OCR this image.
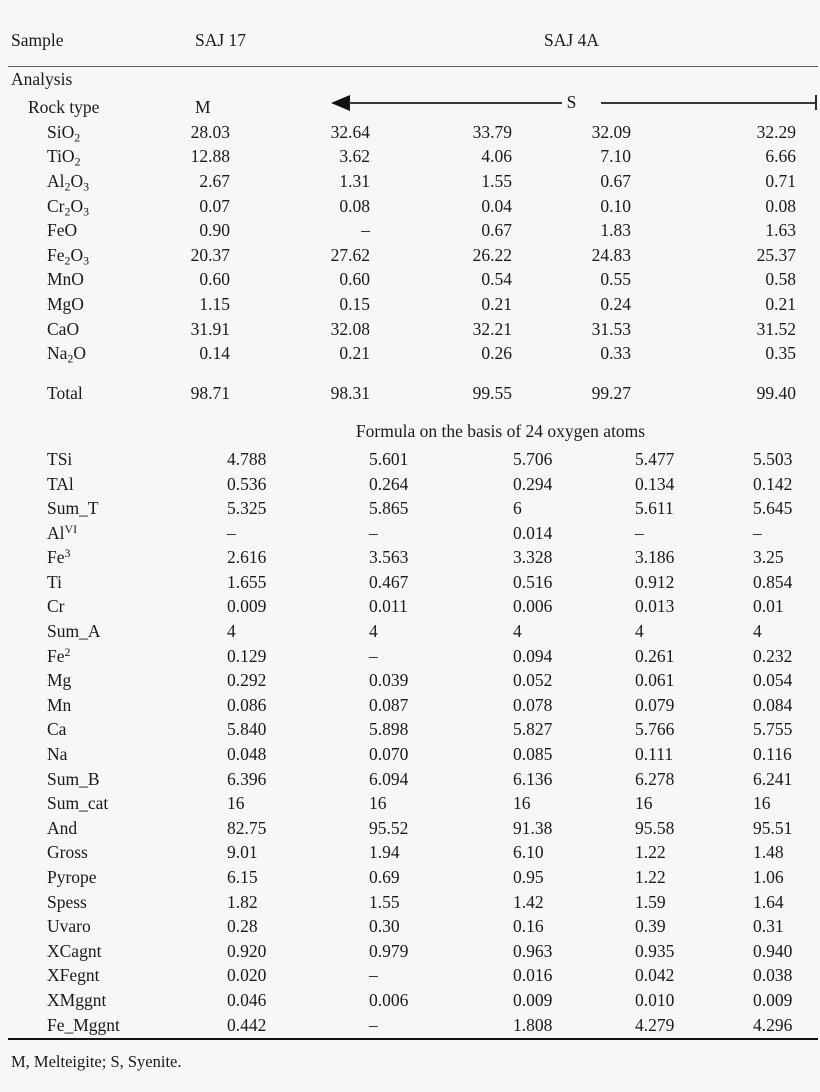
Sample	SAJ 17	SAJ 4A			

Analysis					
Rock type	M	S			

SiO$_2$	28.03	32.64	33.79	32.09	32.29
TiO$_2$	12.88	3.62	4.06	7.10	6.66
$Al_2O_3$	2.67	1.31	1.55	0.67	0.71
$Cr_2O_3$	0.07	0.08	0.04	0.10	0.08
FeO	0.90	–	0.67	1.83	1.63
$Fe_2O_3$	20.37	27.62	26.22	24.83	25.37
MnO	0.60	0.60	0.54	0.55	0.58
MgO	1.15	0.15	0.21	0.24	0.21
CaO	31.91	32.08	32.21	31.53	31.52
$Na_2O$	0.14	0.21	0.26	0.33	0.35
Total	98.71	98.31	99.55	99.27	99.40
	Formula on the basis of 24 oxygen atoms				
TSi	4.788	5.601	5.706	5.477	5.503
TAl	0.536	0.264	0.294	0.134	0.142
Sum_T	5.325	5.865	6	5.611	5.645
$Al^{VI}$	–	–	0.014	–	–
Fe$^3$	2.616	3.563	3.328	3.186	3.25
Ti	1.655	0.467	0.516	0.912	0.854
Cr	0.009	0.011	0.006	0.013	0.01
Sum_A	4	4	4	4	4
Fe$^2$	0.129	–	0.094	0.261	0.232
Mg	0.292	0.039	0.052	0.061	0.054
Mn	0.086	0.087	0.078	0.079	0.084
Ca	5.840	5.898	5.827	5.766	5.755
Na	0.048	0.070	0.085	0.111	0.116
Sum_B	6.396	6.094	6.136	6.278	6.241
Sum_cat	16	16	16	16	16
And	82.75	95.52	91.38	95.58	95.51
Gross	9.01	1.94	6.10	1.22	1.48
Pyrope	6.15	0.69	0.95	1.22	1.06
Spess	1.82	1.55	1.42	1.59	1.64
Uvaro	0.28	0.30	0.16	0.39	0.31
XCagnt	0.920	0.979	0.963	0.935	0.940
XFegnt	0.020	–	0.016	0.042	0.038
XMggnt	0.046	0.006	0.009	0.010	0.009
Fe_Mggnt	0.442	–	1.808	4.279	4.296

M, Melteigite; S, Syenite.
